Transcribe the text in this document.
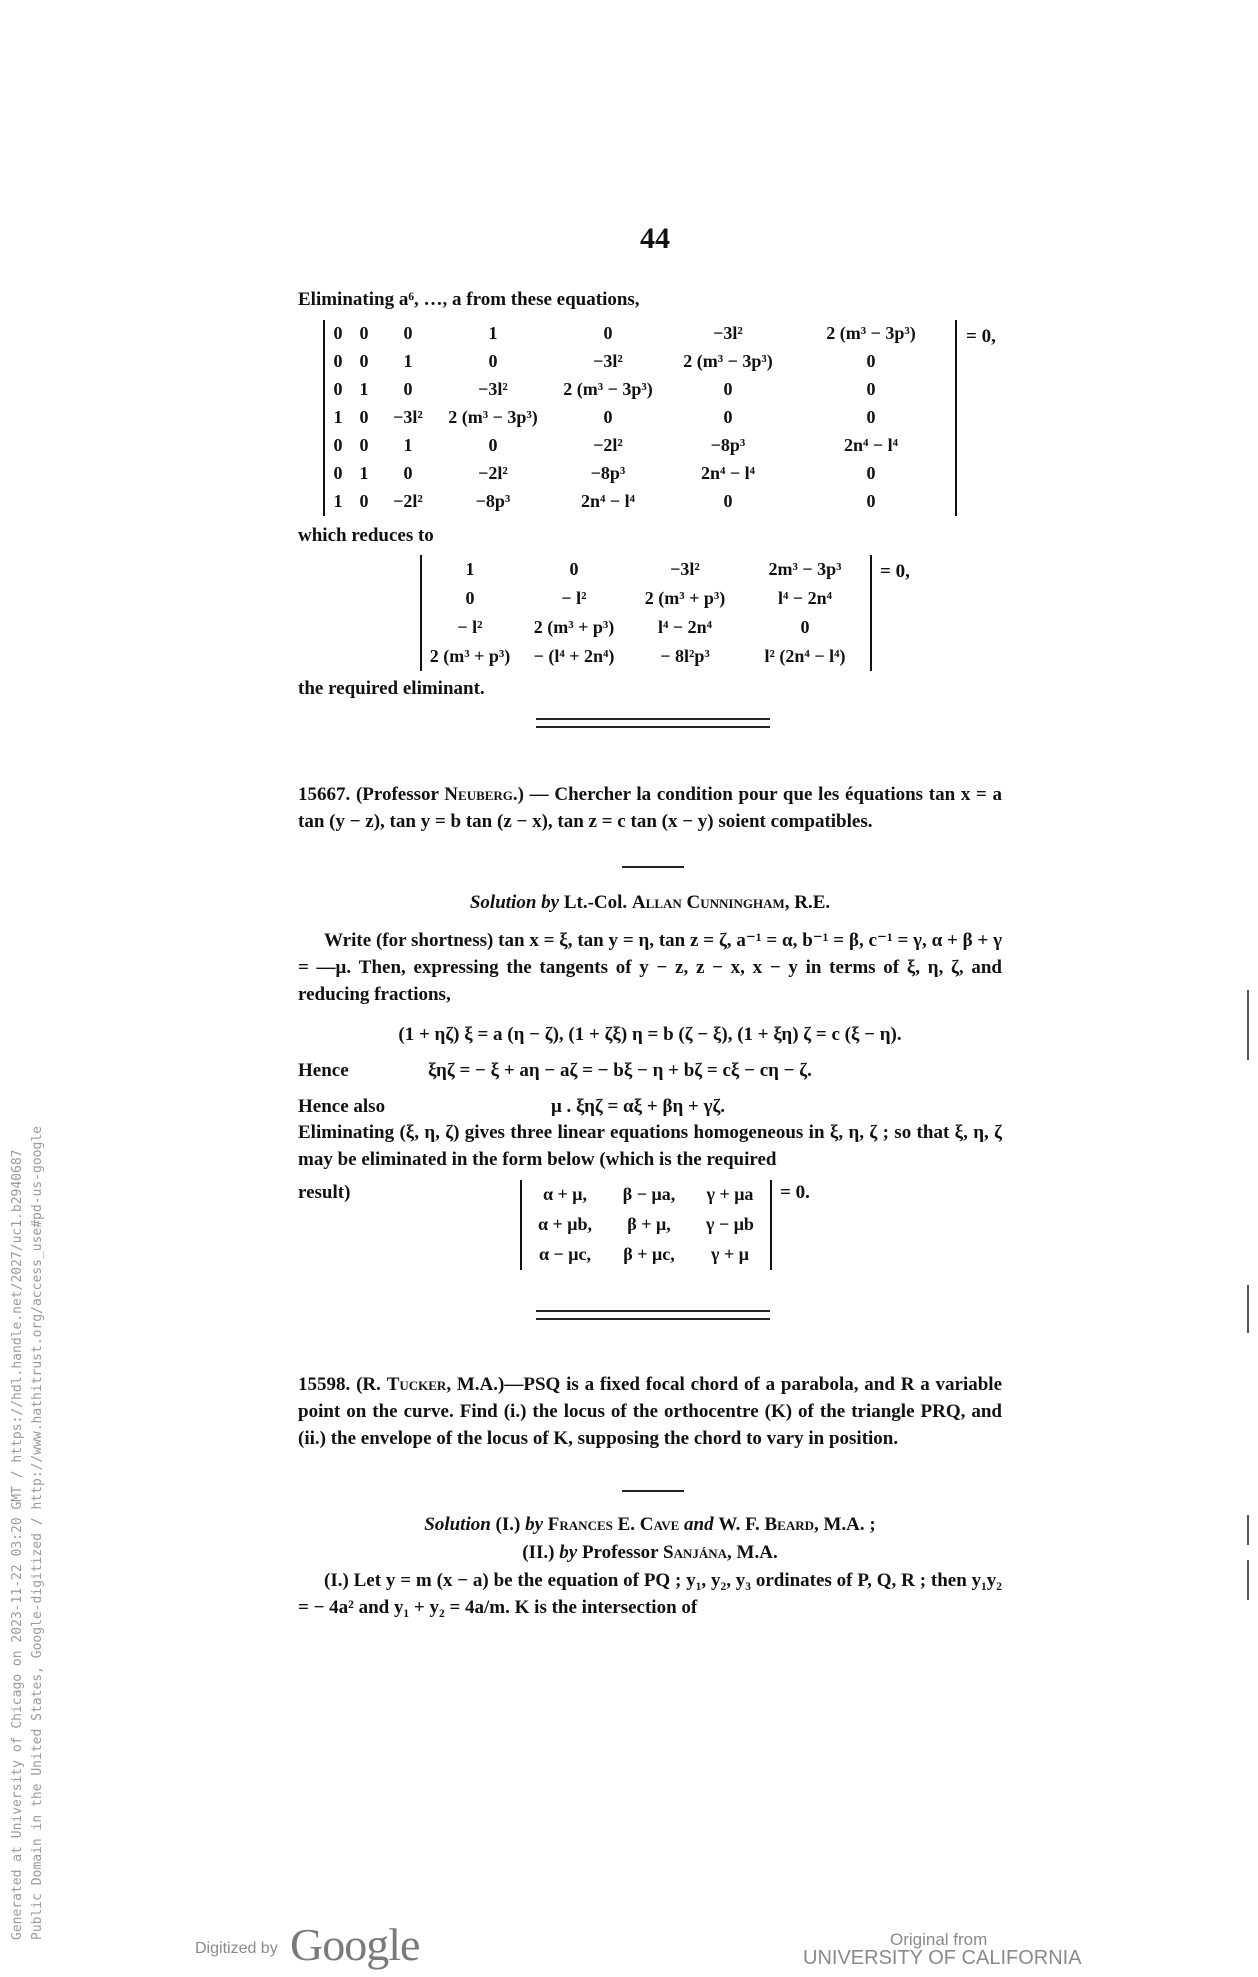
44
Eliminating a⁶, …, a from these equations,
0	0	0	1	0	−3l²	2 (m³ − 3p³)
0	0	1	0	−3l²	2 (m³ − 3p³)	0
0	1	0	−3l²	2 (m³ − 3p³)	0	0
1	0	−3l²	2 (m³ − 3p³)	0	0	0
0	0	1	0	−2l²	−8p³	2n⁴ − l⁴
0	1	0	−2l²	−8p³	2n⁴ − l⁴	0
1	0	−2l²	−8p³	2n⁴ − l⁴	0	0
= 0,
which reduces to
1	0	−3l²	2m³ − 3p³
0	− l²	2 (m³ + p³)	l⁴ − 2n⁴
− l²	2 (m³ + p³)	l⁴ − 2n⁴	0
2 (m³ + p³)	− (l⁴ + 2n⁴)	− 8l²p³	l² (2n⁴ − l⁴)
= 0,
the required eliminant.
15667. (Professor Neuberg.) — Chercher la condition pour que les équations tan x = a tan (y − z), tan y = b tan (z − x), tan z = c tan (x − y) soient compatibles.
Solution by Lt.-Col. Allan Cunningham, R.E.
Write (for shortness) tan x = ξ, tan y = η, tan z = ζ, a⁻¹ = α, b⁻¹ = β, c⁻¹ = γ, α + β + γ = —μ. Then, expressing the tangents of y − z, z − x, x − y in terms of ξ, η, ζ, and reducing fractions,
(1 + ηζ) ξ = a (η − ζ), (1 + ζξ) η = b (ζ − ξ), (1 + ξη) ζ = c (ξ − η).
Hence	ξηζ = − ξ + aη − aζ = − bξ − η + bζ = cξ − cη − ζ.
Hence also	μ . ξηζ = αξ + βη + γζ.
Eliminating (ξ, η, ζ) gives three linear equations homogeneous in ξ, η, ζ ; so that ξ, η, ζ may be eliminated in the form below (which is the required
result)	α + μ,	β − μa,	γ + μa
α + μb,	β + μ,	γ − μb
α − μc,	β + μc,	γ + μ
= 0.
15598. (R. Tucker, M.A.)—PSQ is a fixed focal chord of a parabola, and R a variable point on the curve. Find (i.) the locus of the orthocentre (K) of the triangle PRQ, and (ii.) the envelope of the locus of K, supposing the chord to vary in position.
Solution (I.) by Frances E. Cave and W. F. Beard, M.A. ;
(II.) by Professor Sanjána, M.A.
(I.) Let y = m (x − a) be the equation of PQ ; y₁, y₂, y₃ ordinates of P, Q, R ; then y₁y₂ = − 4a² and y₁ + y₂ = 4a/m. K is the intersection of
Generated at University of Chicago on 2023-11-22 03:20 GMT / https://hdl.handle.net/2027/uc1.b2940687 Public Domain in the United States, Google-digitized / http://www.hathitrust.org/access_use#pd-us-google
Digitized by Google	Original from
UNIVERSITY OF CALIFORNIA
